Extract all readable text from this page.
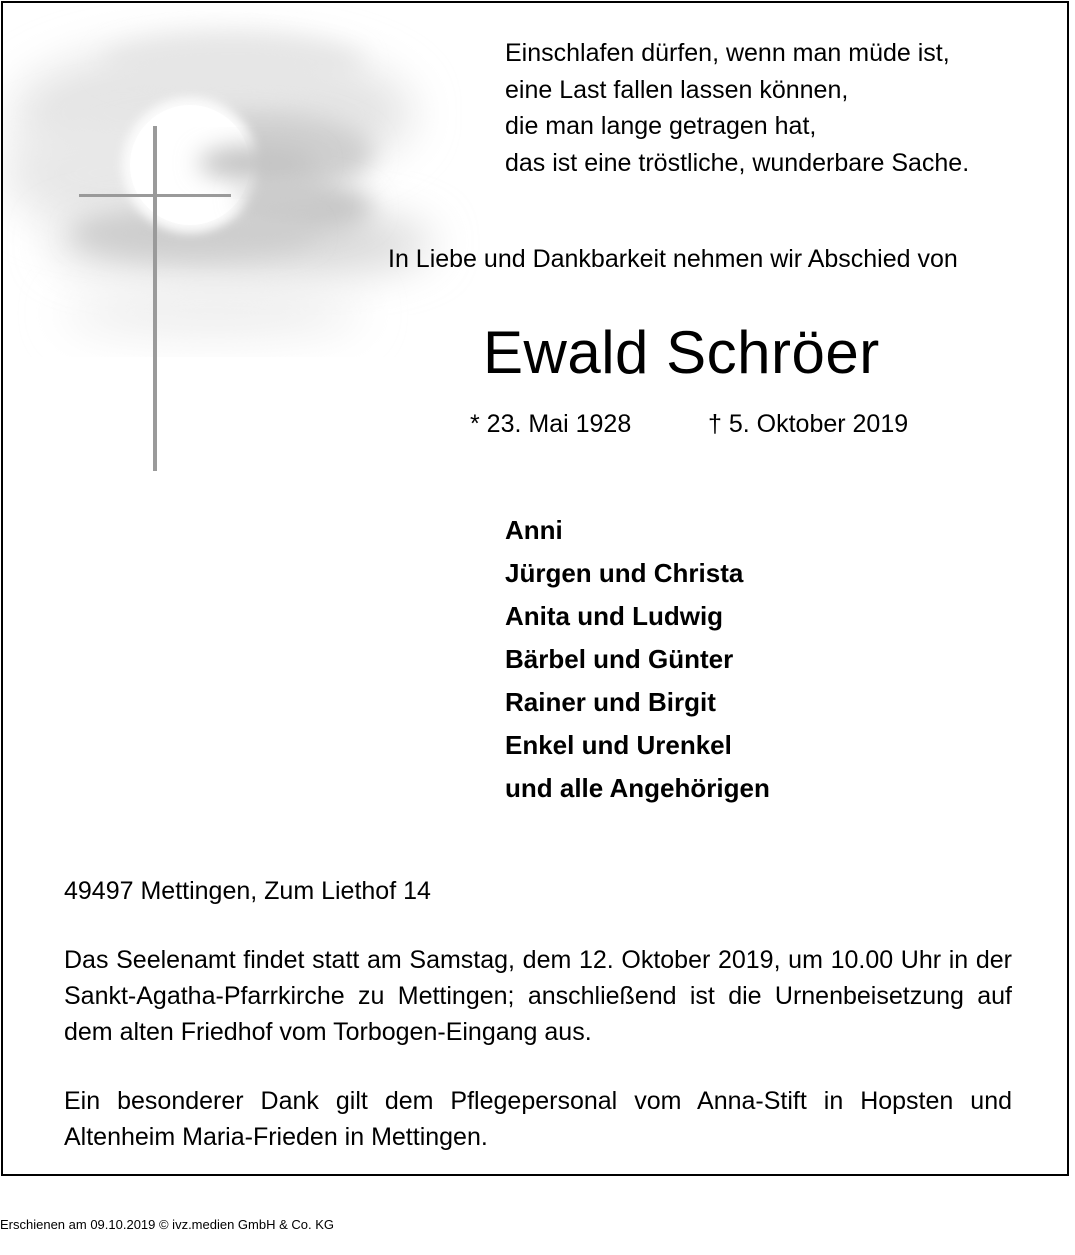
Einschlafen dürfen, wenn man müde ist,
eine Last fallen lassen können,
die man lange getragen hat,
das ist eine tröstliche, wunderbare Sache.
In Liebe und Dankbarkeit nehmen wir Abschied von
Ewald Schröer
* 23. Mai 1928	† 5. Oktober 2019
Anni
Jürgen und Christa
Anita und Ludwig
Bärbel und Günter
Rainer und Birgit
Enkel und Urenkel
und alle Angehörigen
49497 Mettingen, Zum Liethof 14
Das Seelenamt findet statt am Samstag, dem 12. Oktober 2019, um 10.00 Uhr in der Sankt-Agatha-Pfarrkirche zu Mettingen; anschließend ist die Urnenbeisetzung auf dem alten Friedhof vom Torbogen-Eingang aus.
Ein besonderer Dank gilt dem Pflegepersonal vom Anna-Stift in Hopsten und Altenheim Maria-Frieden in Mettingen.
Erschienen am 09.10.2019 © ivz.medien GmbH & Co. KG
